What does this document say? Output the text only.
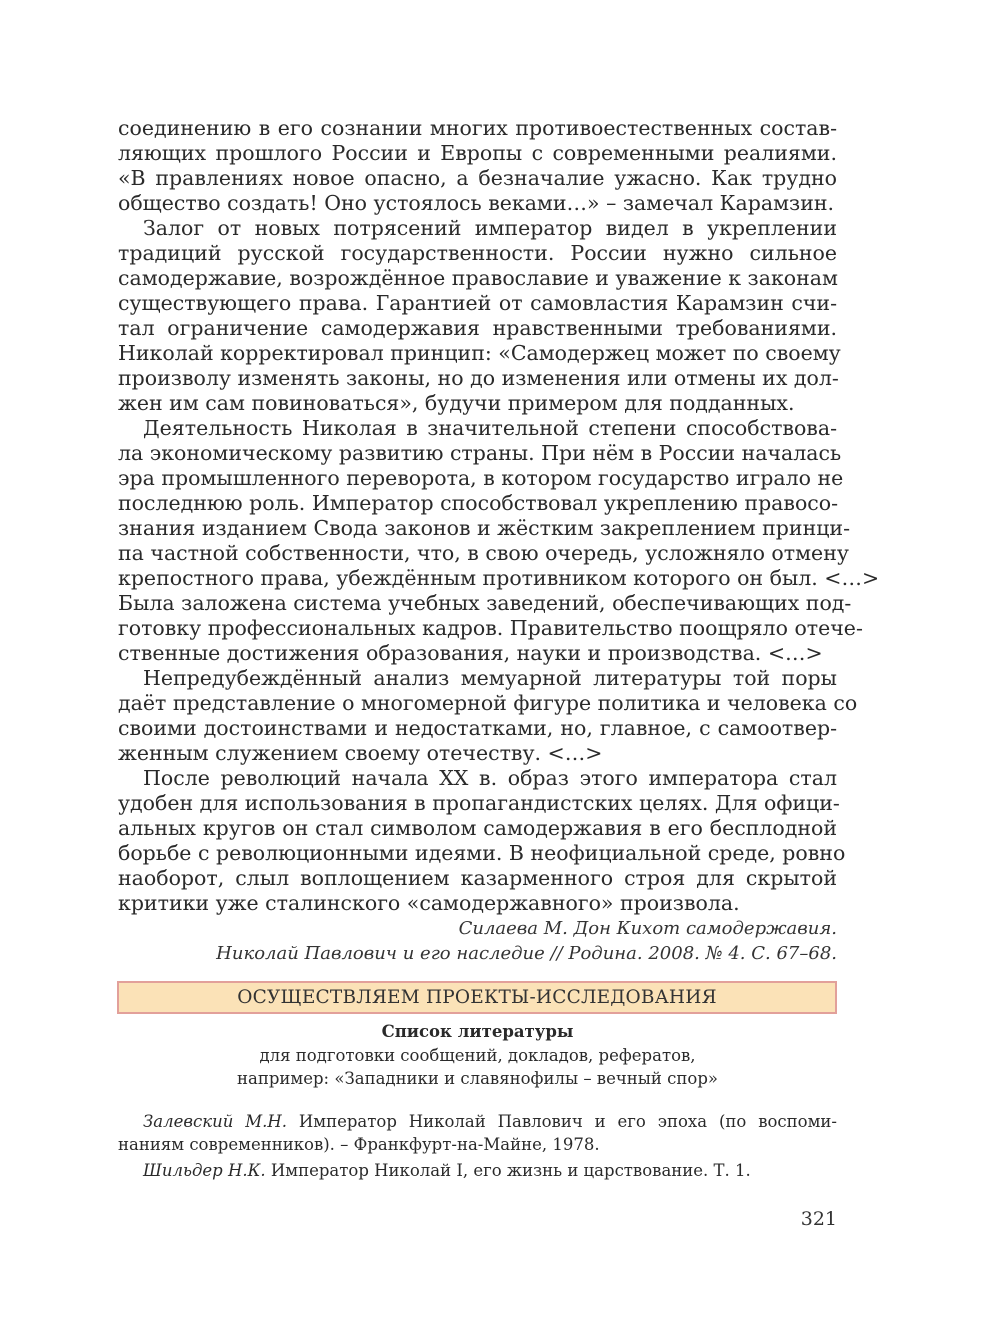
соединению в его сознании многих противоестественных состав-
ляющих прошлого России и Европы с современными реалиями.
«В правлениях новое опасно, а безначалие ужасно. Как трудно
общество создать! Оно устоялось веками…» – замечал Карамзин.
Залог от новых потрясений император видел в укреплении
традиций русской государственности. России нужно сильное
самодержавие, возрождённое православие и уважение к законам
существующего права. Гарантией от самовластия Карамзин счи-
тал ограничение самодержавия нравственными требованиями.
Николай корректировал принцип: «Самодержец может по своему
произволу изменять законы, но до изменения или отмены их дол-
жен им сам повиноваться», будучи примером для подданных.
Деятельность Николая в значительной степени способствова-
ла экономическому развитию страны. При нём в России началась
эра промышленного переворота, в котором государство играло не
последнюю роль. Император способствовал укреплению правосо-
знания изданием Свода законов и жёстким закреплением принци-
па частной собственности, что, в свою очередь, усложняло отмену
крепостного права, убеждённым противником которого он был. <…>
Была заложена система учебных заведений, обеспечивающих под-
готовку профессиональных кадров. Правительство поощряло отече-
ственные достижения образования, науки и производства. <…>
Непредубеждённый анализ мемуарной литературы той поры
даёт представление о многомерной фигуре политика и человека со
своими достоинствами и недостатками, но, главное, с самоотвер-
женным служением своему отечеству. <…>
После революций начала XX в. образ этого императора стал
удобен для использования в пропагандистских целях. Для офици-
альных кругов он стал символом самодержавия в его бесплодной
борьбе с революционными идеями. В неофициальной среде, ровно
наоборот, слыл воплощением казарменного строя для скрытой
критики уже сталинского «самодержавного» произвола.
Силаева М. Дон Кихот самодержавия.
Николай Павлович и его наследие // Родина. 2008. № 4. С. 67–68.
ОСУЩЕСТВЛЯЕМ ПРОЕКТЫ-ИССЛЕДОВАНИЯ
Список литературы
для подготовки сообщений, докладов, рефератов,
например: «Западники и славянофилы – вечный спор»
Залевский М.Н. Император Николай Павлович и его эпоха (по воспоми-
наниям современников). – Франкфурт-на-Майне, 1978.
Шильдер Н.К. Император Николай I, его жизнь и царствование. Т. 1.
321
